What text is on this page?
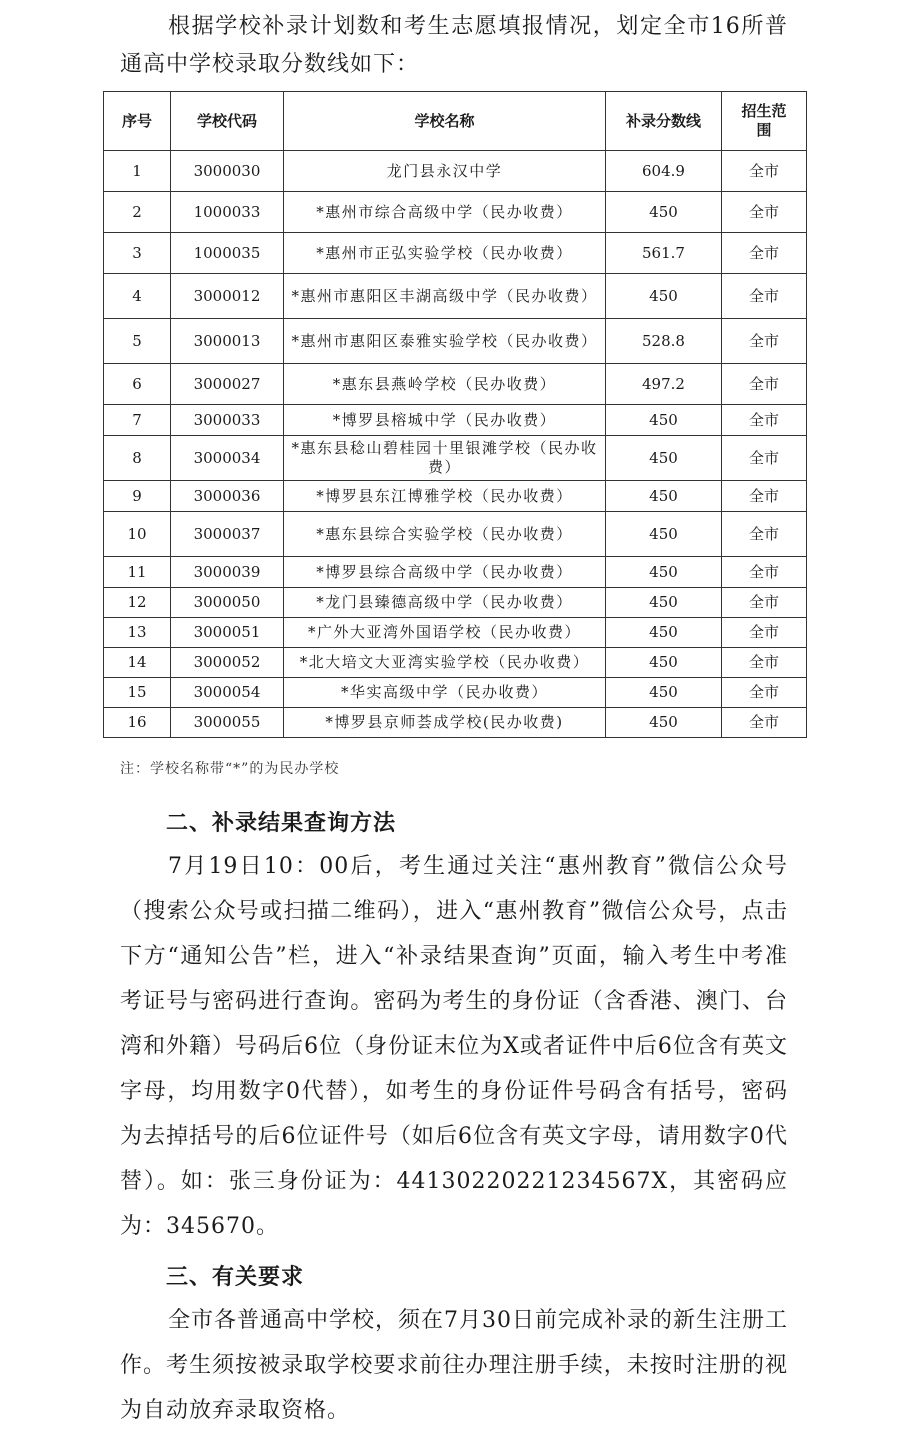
根据学校补录计划数和考生志愿填报情况，划定全市16所普通高中学校录取分数线如下：
序号	学校代码	学校名称	补录分数线	招生范围
1	3000030	龙门县永汉中学	604.9	全市
2	1000033	*惠州市综合高级中学（民办收费）	450	全市
3	1000035	*惠州市正弘实验学校（民办收费）	561.7	全市
4	3000012	*惠州市惠阳区丰湖高级中学（民办收费）	450	全市
5	3000013	*惠州市惠阳区泰雅实验学校（民办收费）	528.8	全市
6	3000027	*惠东县燕岭学校（民办收费）	497.2	全市
7	3000033	*博罗县榕城中学（民办收费）	450	全市
8	3000034	*惠东县稔山碧桂园十里银滩学校（民办收费）	450	全市
9	3000036	*博罗县东江博雅学校（民办收费）	450	全市
10	3000037	*惠东县综合实验学校（民办收费）	450	全市
11	3000039	*博罗县综合高级中学（民办收费）	450	全市
12	3000050	*龙门县臻德高级中学（民办收费）	450	全市
13	3000051	*广外大亚湾外国语学校（民办收费）	450	全市
14	3000052	*北大培文大亚湾实验学校（民办收费）	450	全市
15	3000054	*华实高级中学（民办收费）	450	全市
16	3000055	*博罗县京师荟成学校(民办收费)	450	全市
注：学校名称带“*”的为民办学校
二、补录结果查询方法
7月19日10：00后，考生通过关注“惠州教育”微信公众号（搜索公众号或扫描二维码），进入“惠州教育”微信公众号，点击下方“通知公告”栏，进入“补录结果查询”页面，输入考生中考准考证号与密码进行查询。密码为考生的身份证（含香港、澳门、台湾和外籍）号码后6位（身份证末位为X或者证件中后6位含有英文字母，均用数字0代替），如考生的身份证件号码含有括号，密码为去掉括号的后6位证件号（如后6位含有英文字母，请用数字0代替）。如：张三身份证为：44130220221234567X，其密码应为：345670。
三、有关要求
全市各普通高中学校，须在7月30日前完成补录的新生注册工作。考生须按被录取学校要求前往办理注册手续，未按时注册的视为自动放弃录取资格。
